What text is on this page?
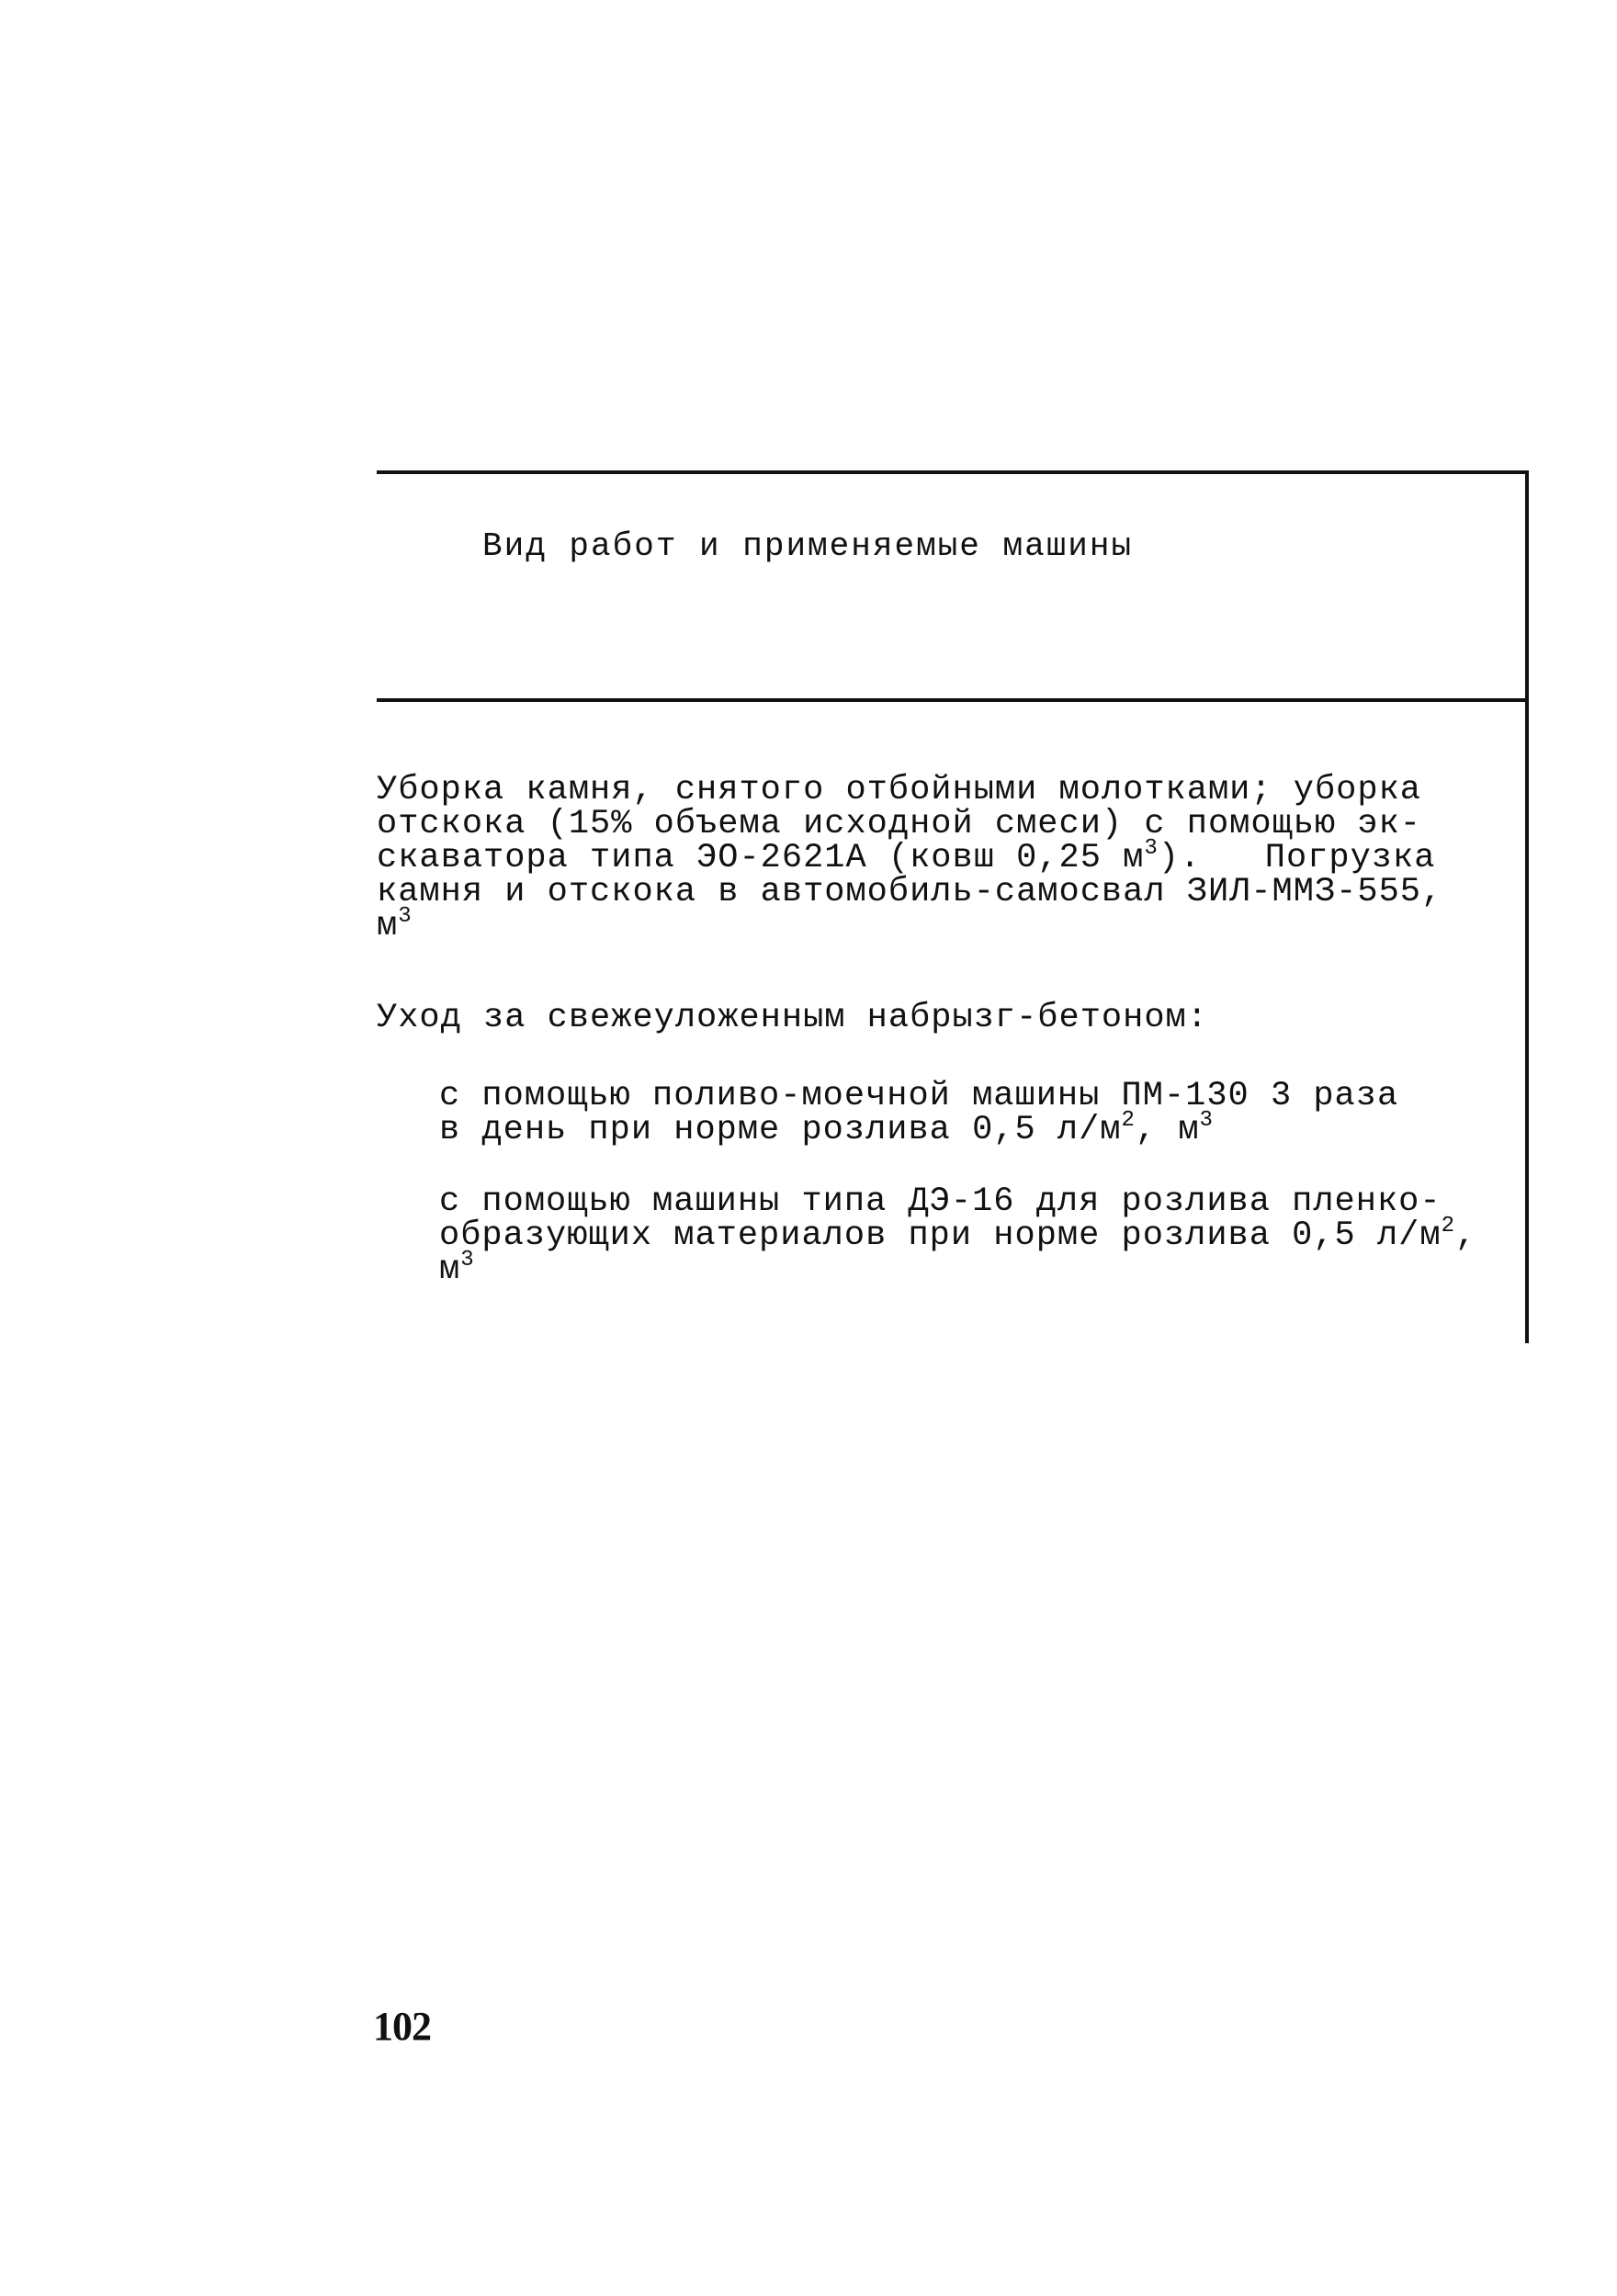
Вид работ и применяемые машины
Уборка камня, снятого отбойными молотками; уборка
отскока (15% объема исходной смеси) с помощью эк-
скаватора типа ЭО-2621А (ковш 0,25 $м^3$).   Погрузка
камня и отскока в автомобиль-самосвал ЗИЛ-ММЗ-555,
$м^3$
Уход за свежеуложенным набрызг-бетоном:
с помощью поливо-моечной машины ПМ-130 3 раза
в день при норме розлива 0,5 $л/м^2$, $м^3$
с помощью машины типа ДЭ-16 для розлива пленко-
образующих материалов при норме розлива 0,5 $л/м^2$,
$м^3$
102
